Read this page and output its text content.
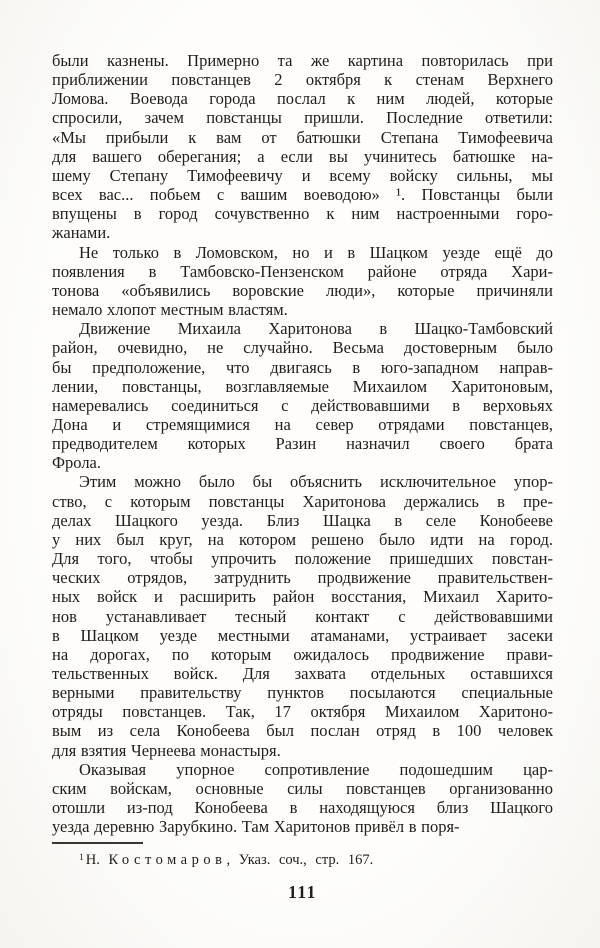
были казнены. Примерно та же картина повторилась при
приближении повстанцев 2 октября к стенам Верхнего
Ломова. Воевода города послал к ним людей, которые
спросили, зачем повстанцы пришли. Последние ответили:
«Мы прибыли к вам от батюшки Степана Тимофеевича
для вашего оберегания; а если вы учинитесь батюшке на-
шему Степану Тимофеевичу и всему войску сильны, мы
всех вас... побьем с вашим воеводою» ¹. Повстанцы были
впущены в город сочувственно к ним настроенными горо-
жанами.
Не только в Ломовском, но и в Шацком уезде ещё до
появления в Тамбовско-Пензенском районе отряда Хари-
тонова «объявились воровские люди», которые причиняли
немало хлопот местным властям.
Движение Михаила Харитонова в Шацко-Тамбовский
район, очевидно, не случайно. Весьма достоверным было
бы предположение, что двигаясь в юго-западном направ-
лении, повстанцы, возглавляемые Михаилом Харитоновым,
намеревались соединиться с действовавшими в верховьях
Дона и стремящимися на север отрядами повстанцев,
предводителем которых Разин назначил своего брата
Фрола.
Этим можно было бы объяснить исключительное упор-
ство, с которым повстанцы Харитонова держались в пре-
делах Шацкого уезда. Близ Шацка в селе Конобееве
у них был круг, на котором решено было идти на город.
Для того, чтобы упрочить положение пришедших повстан-
ческих отрядов, затруднить продвижение правительствен-
ных войск и расширить район восстания, Михаил Харито-
нов устанавливает тесный контакт с действовавшими
в Шацком уезде местными атаманами, устраивает засеки
на дорогах, по которым ожидалось продвижение прави-
тельственных войск. Для захвата отдельных оставшихся
верными правительству пунктов посылаются специальные
отряды повстанцев. Так, 17 октября Михаилом Харитоно-
вым из села Конобеева был послан отряд в 100 человек
для взятия Чернеева монастыря.
Оказывая упорное сопротивление подошедшим цар-
ским войскам, основные силы повстанцев организованно
отошли из-под Конобеева в находящуюся близ Шацкого
уезда деревню Зарубкино. Там Харитонов привёл в поря-
$^1$ Н. Костомаров, Указ. соч., стр. 167.
111
